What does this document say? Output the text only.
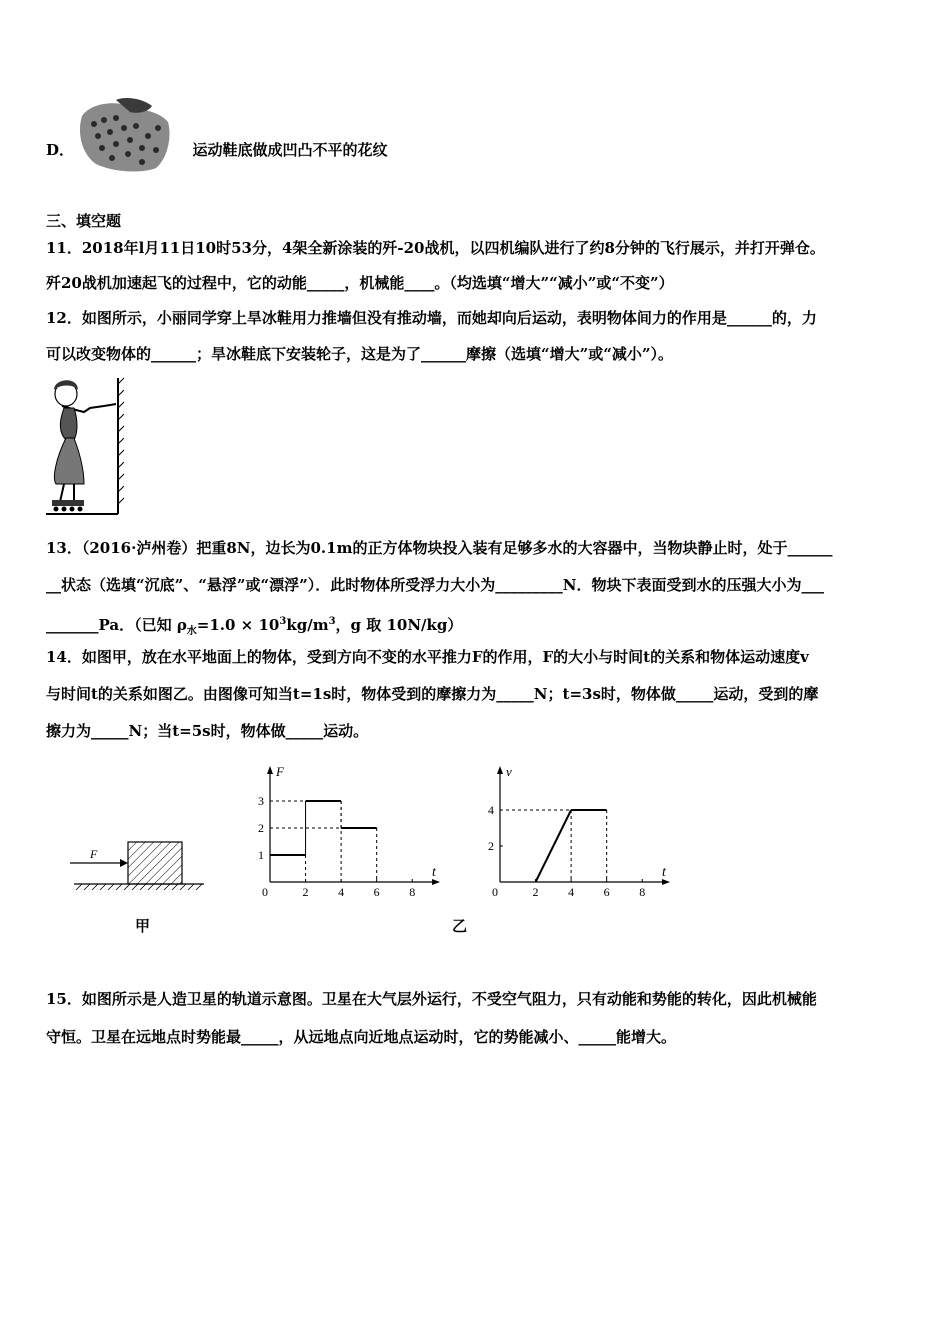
D．	运动鞋底做成凹凸不平的花纹
三、填空题
11．2018年l月11日10时53分，4架全新涂装的歼-20战机，以四机编队进行了约8分钟的飞行展示，并打开弹仓。
歼20战机加速起飞的过程中，它的动能_____，机械能____。（均选填“增大”“减小”或“不变”）
12．如图所示，小丽同学穿上旱冰鞋用力推墙但没有推动墙，而她却向后运动，表明物体间力的作用是______的，力
可以改变物体的______；旱冰鞋底下安装轮子，这是为了______摩擦（选填“增大”或“减小”）。
13．（2016·泸州卷）把重8N，边长为0.1m的正方体物块投入装有足够多水的大容器中，当物块静止时，处于______
__状态（选填“沉底”、“悬浮”或“漂浮”）．此时物体所受浮力大小为_________N．物块下表面受到水的压强大小为___
_______Pa．（已知 $\rho_水=1.0 \times 10^3kg/m^3$，g 取 10N/kg）
14．如图甲，放在水平地面上的物体，受到方向不变的水平推力F的作用，F的大小与时间t的关系和物体运动速度v
与时间t的关系如图乙。由图像可知当t=1s时，物体受到的摩擦力为_____N；t=3s时，物体做_____运动，受到的摩
擦力为_____N；当t=5s时，物体做_____运动。
F
甲
t
F
0	2 4 6 8
1
2
3
t
v
0	2 4 6 8
2
4
乙
15．如图所示是人造卫星的轨道示意图。卫星在大气层外运行，不受空气阻力，只有动能和势能的转化，因此机械能
守恒。卫星在远地点时势能最_____，从远地点向近地点运动时，它的势能减小、_____能增大。
